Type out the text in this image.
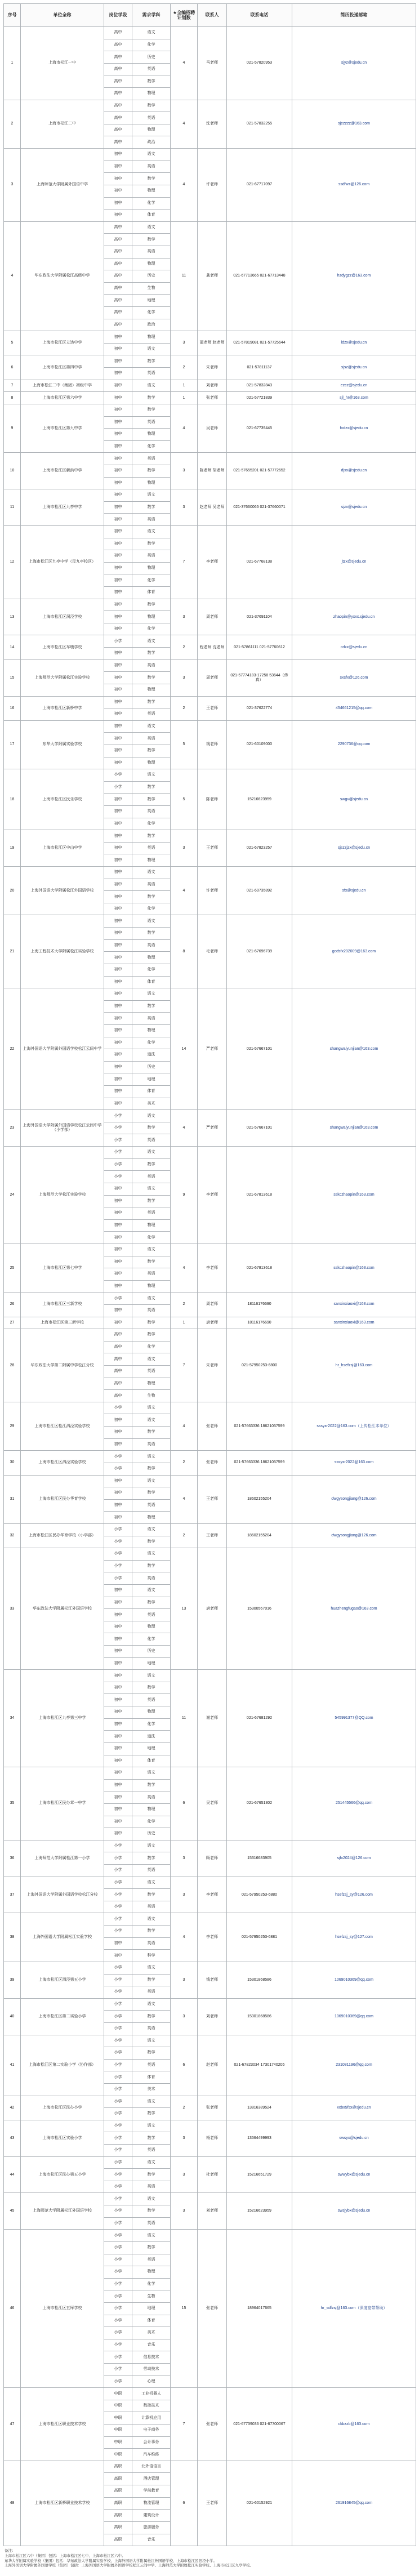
序号	单位全称	岗位学段	需求学科	★全编招聘计划数	联系人	联系电话	简历投递邮箱
1	上海市松江一中	高中	语文	4	马老师	021-57820953	sjyz@sjedu.cn
		高中	化学				
		高中	历史				
		高中	英语				
		高中	数学				
		高中	物理				
2	上海市松江二中	高中	数学	4	沈老师	021-57832255	sjezzzz@163.com
		高中	英语				
		高中	物理				
		高中	政治				
3	上海师范大学附属外国语中学	初中	语文	4	许老师	021-67717097	ssdfwz@126.com
		初中	英语				
		初中	数学				
		初中	物理				
		初中	化学				
		初中	体育				
4	华东政法大学附属松江高级中学	高中	语文	11	龚老师	021-67713665 021-67713448	hzdygzz@163.com
		高中	数学				
		高中	英语				
		高中	物理				
		高中	历史				
		高中	生物				
		高中	地理				
		高中	化学				
		高中	政治				
5	上海市松江区立达中学	初中	物理	3	邵老师 赵老师	021-57819081 021-57725644	ldzx@sjedu.cn
		初中	语文				
6	上海市松江区第四中学	初中	数学	2	朱老师	021-57811137	sjsz@sjedu.cn
		初中	英语				
7	上海市松江二中（集团）初级中学	初中	语文	1	刘老师	021-57832843	ezcz@sjedu.cn
8	上海市松江区第六中学	初中	数学	1	张老师	021-57721839	sjl_hr@163.com
9	上海市松江区第九中学	初中	数学	4	吴老师	021-67739445	fxdzx@sjedu.cn
		初中	英语				
		初中	物理				
		初中	化学				
10	上海市松江区新浜中学	初中	英语	3	陈老师 胡老师	021-57655201 021-57772652	djxx@sjedu.cn
		初中	数学				
		初中	物理				
11	上海市松江区九亭中学	初中	语文	3	赵老师 吴老师	021-37660065 021-37660071	sjzx@sjedu.cn
		初中	数学				
		初中	英语				
12	上海市松江区九亭中学（民九亭校区）	初中	语文	7	李老师	021-67768138	jtzx@sjedu.cn
		初中	数学				
		初中	英语				
		初中	物理				
		初中	化学				
		初中	体育				
13	上海市松江区洞泾学校	初中	数学	3	周老师	021-37691104	zhaopin@yxxx.sjedu.cn
		初中	物理				
		初中	化学				
14	上海市松江区车墩学校	小学	语文	2	程老师 沈老师	021-57861111 021-57760612	cdxx@sjedu.cn
		初中	数学				
15	上海师范大学附属松江实验学校	初中	英语	3	周老师	021-57774183-17258 53644（传真）	sxsfx@126.com
		初中	数学				
		初中	物理				
16	上海市松江区新桥中学	初中	数学	2	王老师	021-37622774	454661215@qq.com
		初中	英语				
17	东华大学附属实验学校	初中	语文	5	钱老师	021-60109000	2290736@qq.com
		初中	英语				
		初中	数学				
		初中	物理				
18	上海市松江区民乐学校	小学	语文	5	陈老师	15216623959	swgv@sjedu.cn
		小学	数学				
		初中	数学				
		初中	英语				
		初中	化学				
19	上海市松江区中山中学	初中	数学	3	王老师	021-67823257	sjszzjzx@sjedu.cn
		初中	英语				
		初中	物理				
20	上海外国语大学附属松江外国语学校	初中	语文	4	许老师	021-60735892	sfx@sjedu.cn
		初中	英语				
		初中	数学				
		初中	化学				
21	上海工程技术大学附属松江实验学校	初中	语文	8	毛老师	021-67696739	gcdsfx202009@163.com
		初中	数学				
		初中	英语				
		初中	物理				
		初中	化学				
		初中	体育				
22	上海外国语大学附属外国语学校松江云间中学	初中	语文	14	严老师	021-57667101	shangwaiyunjian@163.com
		初中	数学				
		初中	英语				
		初中	物理				
		初中	化学				
		初中	道法				
		初中	历史				
		初中	地理				
		初中	体育				
		初中	美术				
23	上海外国语大学附属外国语学校松江云间中学（小学部）	小学	语文	4	严老师	021-57667101	shangwaiyunjian@163.com
		小学	数学				
		小学	英语				
24	上海师范大学松江实验学校	小学	语文	9	李老师	021-67813618	sskczhaopin@163.com
		小学	数学				
		小学	英语				
		初中	语文				
		初中	数学				
		初中	英语				
		初中	物理				
		初中	化学				
25	上海市松江区第七中学	初中	语文	4	李老师	021-67813618	sskczhaopin@163.com
		初中	数学				
		初中	英语				
		初中	物理				
26	上海市松江区三新学校	小学	语文	2	周老师	18116176690	sanxinxiaoxi@163.com
		初中	英语				
27	上海市松江区第三新学校	初中	数学	1	唐老师	18116176690	sanxinxiaoxi@163.com
28	华东政法大学第二附属中学松江分校	高中	数学	7	朱老师	021-57950253-6800	hr_hsefzsj@163.com
		高中	化学				
		高中	语文				
		高中	英语				
		高中	物理				
		高中	生物				
29	上海市松江区松江泗泾实验学校	小学	语文	4	张老师	021-57663336 18621057599	sssyxr2022@163.com（上传松江本单位）
		初中	语文				
		初中	数学				
		初中	英语				
30	上海市松江区泗泾实验学校	小学	语文	2	张老师	021-57663336 18621057599	sssyxr2022@163.com
		小学	数学				
31	上海市松江区民办华育学校	初中	语文	4	王老师	18602155204	dwgysongjiang@126.com
		初中	数学				
		初中	英语				
		初中	物理				
32	上海市松江区民办华育学校（小学部）	小学	语文	2	王老师	18602155204	dwgysongjiang@126.com
		小学	数学				
33	华东政法大学附属松江外国语学校	小学	语文	13	唐老师	15300567016	huazhengfugao@163.com
		小学	数学				
		小学	英语				
		初中	语文				
		初中	数学				
		初中	英语				
		初中	物理				
		初中	化学				
		初中	历史				
		初中	地理				
34	上海市松江区九亭第三中学	初中	语文	11	谢老师	021-67681292	545991377@QQ.com
		初中	数学				
		初中	英语				
		初中	物理				
		初中	化学				
		初中	道法				
		初中	地理				
		初中	体育				
35	上海市松江区民办茸一中学	初中	语文	6	吴老师	021-67651302	251445566@qq.com
		初中	数学				
		初中	英语				
		初中	物理				
		初中	化学				
		初中	历史				
36	上海师范大学附属松江第一小学	小学	语文	3	顾老师	15316683905	sjfx2024@126.com
		小学	数学				
		小学	英语				
37	上海外国语大学附属外国语学校松江分校	小学	语文	3	李老师	021-57950253-6880	hsefzsj_sy@126.com
		小学	数学				
		小学	英语				
38	上海外国语大学附属松江实验学校	小学	语文	4	李老师	021-57950253-6881	hsefzsj_sy@127.com
		小学	数学				
		初中	英语				
		初中	科学				
39	上海市松江区泗泾第五小学	小学	语文	3	钱老师	15301868586	1069010369@qq.com
		小学	数学				
		小学	英语				
40	上海市松江区第二实验小学	小学	语文	3	刘老师	15301868586	1069010369@qq.com
		小学	数学				
		小学	英语				
41	上海市松江区第二实验小学（协作部）	小学	语文	6	赵老师	021-67823034 17301740205	231081196@qq.com
		小学	数学				
		小学	英语				
		小学	体育				
		小学	美术				
42	上海市松江区民办小学	小学	语文	2	张老师	13816389524	xxbx5fsx@sjedu.cn
		小学	数学				
43	上海市松江区实验小学	小学	语文	3	杨老师	13564499993	swsyx@sjedu.cn
		小学	数学				
		小学	英语				
44	上海市松江区民办第五小学	小学	语文	3	杜老师	15216651729	swwybx@sjedu.cn
		小学	数学				
		小学	英语				
45	上海师范大学附属松江外国语学校	小学	语文	3	刘老师	15216623959	swsjybx@sjedu.cn
		小学	数学				
		小学	英语				
46	上海市松江区五厍学校	小学	语文	15	张老师	18964017665	hr_sdfzsj@163.com（深度宽带帮助）
		小学	数学				
		小学	英语				
		小学	物理				
		小学	化学				
		小学	生物				
		小学	地理				
		小学	体育				
		小学	美术				
		小学	音乐				
		小学	信息技术				
		小学	劳动技术				
		小学	心理				
47	上海市松江区职业技术学校	中职	工业机器人	7	张老师	021-67739036 021-67700067	ckbzzb@163.com
		中职	数控技术				
		中职	计算机应用				
		中职	电子商务				
		中职	会计事务				
		中职	汽车维修				
48	上海市松江区新桥职业技术学校	高职	北外语语言	6	王老师	021-60152921	261916845@qq.com
		高职	酒店管理				
		高职	学前教育				
		高职	物流管理				
		高职	建筑设计				
		高职	旅游服务				
		高职	音乐				
备注：
上海市松江区六中（集团）包括：上海市松江区七中、上海市松江区六中。
东华大学附属实验学校（集团）包括：华东政法大学附属实验学校、上海外国语大学附属松江外国语学校、上海市松江区泗泾小学。
上海外国语大学附属外国语学校（集团）包括：上海外国语大学附属外国语学校松江云间中学、上海师范大学附属松江实验学校、上海市松江区九亭学校。
